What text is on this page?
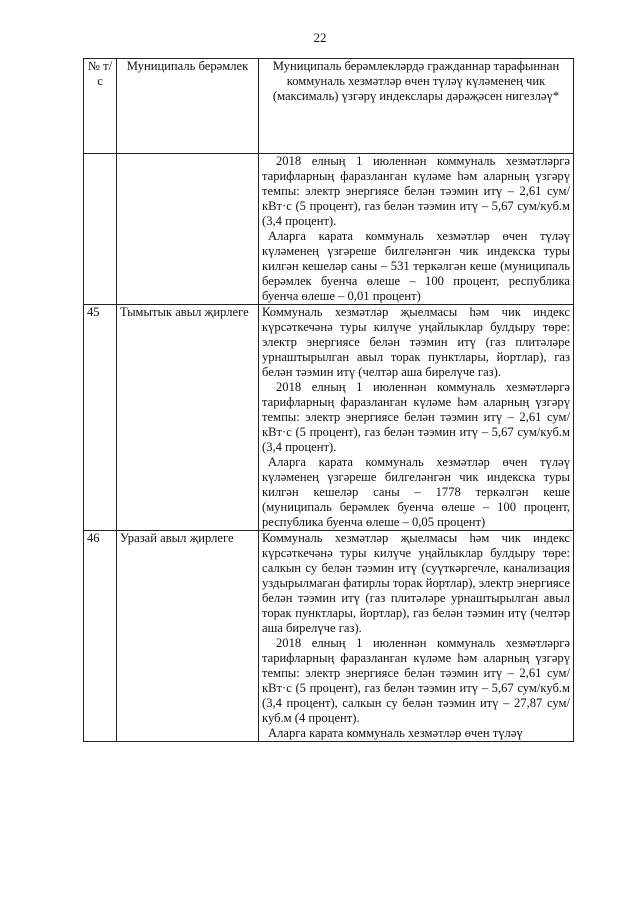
22
№ т/с	Муниципаль берәмлек	Муниципаль берәмлекләрдә гражданнар тарафыннан коммуналь хезмәтләр өчен түләү күләменең чик (максималь) үзгәрү индекслары дәрәҗәсен нигезләү*

		2018 елның 1 июленнән коммуналь хезмәтләргә тарифларның фаразланган күләме һәм аларның үзгәрү темпы: электр энергиясе белән тәэмин итү – 2,61 сум/кВт·с (5 процент), газ белән тәэмин итү – 5,67 сум/куб.м (3,4 процент).

Аларга карата коммуналь хезмәтләр өчен түләү күләменең үзгәреше билгеләнгән чик индекска туры килгән кешеләр саны – 531 теркәлгән кеше (муниципаль берәмлек буенча өлеше – 100 процент, республика буенча өлеше – 0,01 процент)

45	Тымытык авыл җирлеге	Коммуналь хезмәтләр җыелмасы һәм чик индекс күрсәткечәнә туры килүче уңайлыклар булдыру төре: электр энергиясе белән тәэмин итү (газ плитәләре урнаштырылган авыл торак пунктлары, йортлар), газ белән тәэмин итү (челтәр аша бирелүче газ).

2018 елның 1 июленнән коммуналь хезмәтләргә тарифларның фаразланган күләме һәм аларның үзгәрү темпы: электр энергиясе белән тәэмин итү – 2,61 сум/кВт·с (5 процент), газ белән тәэмин итү – 5,67 сум/куб.м (3,4 процент).

Аларга карата коммуналь хезмәтләр өчен түләү күләменең үзгәреше билгеләнгән чик индекска туры килгән кешеләр саны – 1778 теркәлгән кеше (муниципаль берәмлек буенча өлеше – 100 процент, республика буенча өлеше – 0,05 процент)

46	Уразай авыл җирлеге	Коммуналь хезмәтләр җыелмасы һәм чик индекс күрсәткечәнә туры килүче уңайлыклар булдыру төре: салкын су белән тәэмин итү (суүткәргечле, канализация уздырылмаган фатирлы торак йортлар), электр энергиясе белән тәэмин итү (газ плитәләре урнаштырылган авыл торак пунктлары, йортлар), газ белән тәэмин итү (челтәр аша бирелүче газ).

2018 елның 1 июленнән коммуналь хезмәтләргә тарифларның фаразланган күләме һәм аларның үзгәрү темпы: электр энергиясе белән тәэмин итү – 2,61 сум/кВт·с (5 процент), газ белән тәэмин итү – 5,67 сум/куб.м (3,4 процент), салкын су белән тәэмин итү – 27,87 сум/куб.м (4 процент).

Аларга карата коммуналь хезмәтләр өчен түләү
